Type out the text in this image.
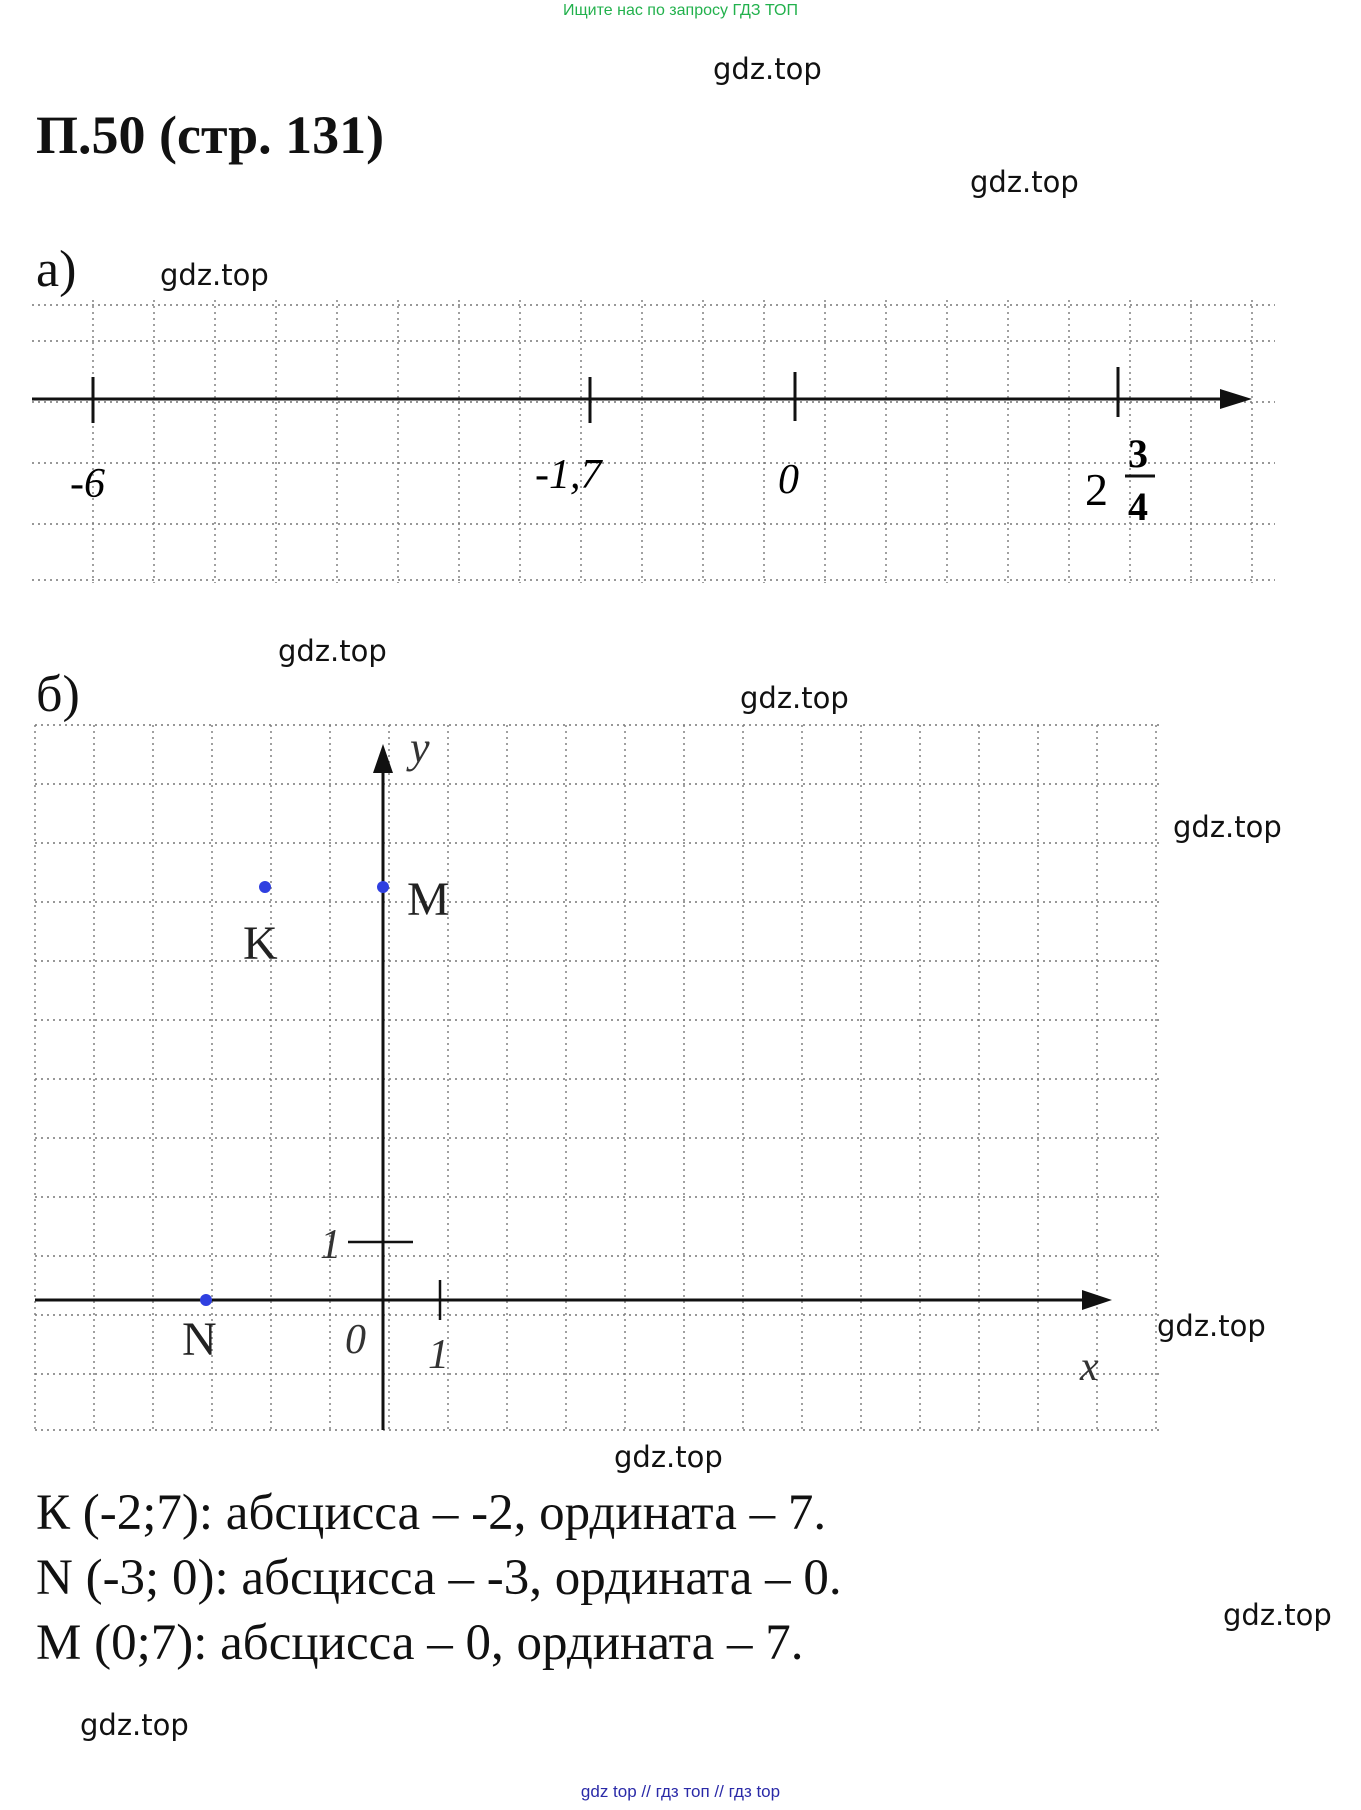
Ищите нас по запросу ГДЗ ТОП
П.50 (стр. 131)
gdz.top
gdz.top
gdz.top
gdz.top
gdz.top
gdz.top
gdz.top
gdz.top
gdz.top
gdz.top
а)
-6	-1,7	0	2
3
4
б)
y
x
0 1
1
K
M
N
К (-2;7): абсцисса – -2, ордината – 7.
N (-3; 0): абсцисса – -3, ордината – 0.
M (0;7): абсцисса – 0, ордината – 7.
gdz top // гдз топ // гдз top
